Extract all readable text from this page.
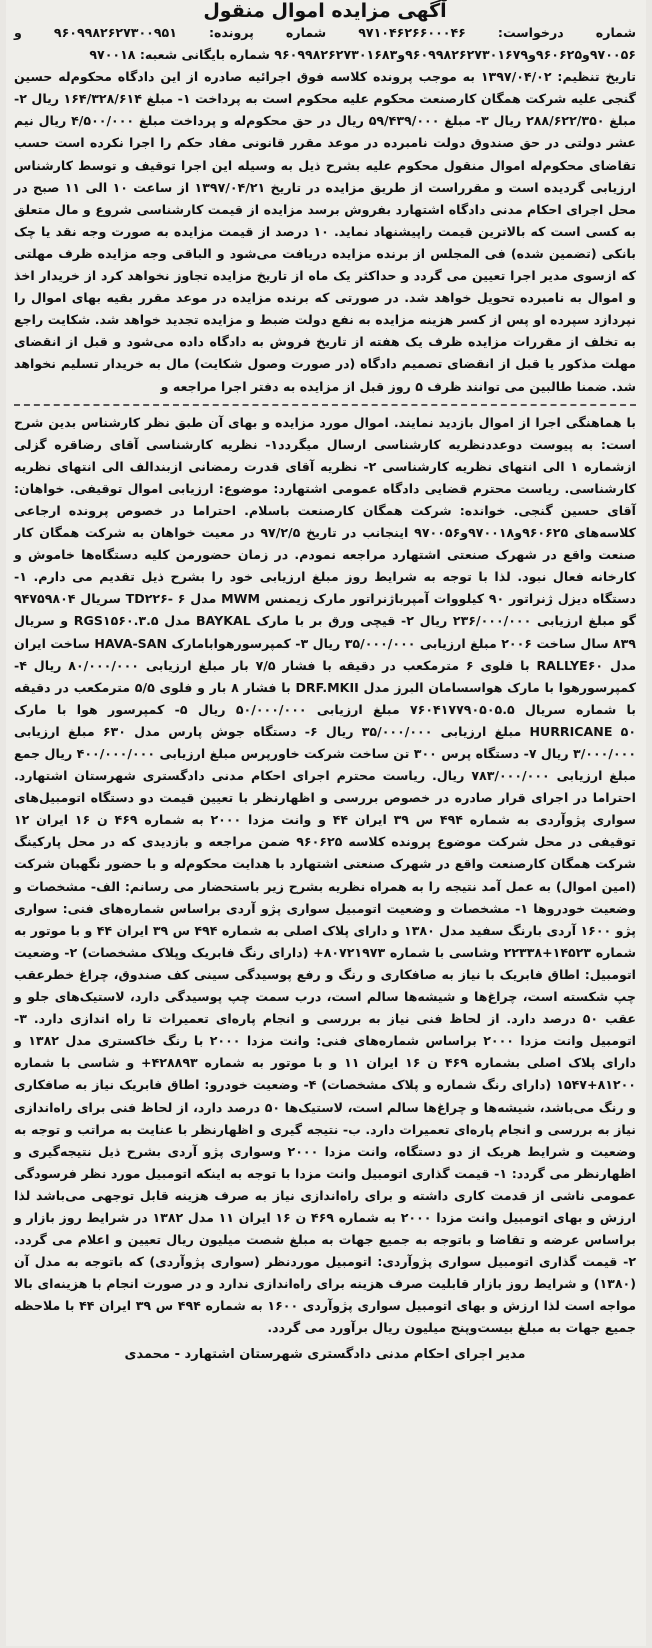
آگهی مزایده اموال منقول

شماره درخواست: ۹۷۱۰۴۶۲۶۶۰۰۰۴۶ شماره پرونده: ۹۶۰۹۹۸۲۶۲۷۳۰۰۹۵۱ و ۹۷۰۰۵۶و۹۶۰۶۲۵و۹۶۰۹۹۸۲۶۲۷۳۰۱۶۷۹و۹۶۰۹۹۸۲۶۲۷۳۰۱۶۸۳ شماره بایگانی شعبه: ۹۷۰۰۱۸

تاریخ تنظیم: ۱۳۹۷/۰۴/۰۲ به موجب پرونده کلاسه فوق اجرائیه صادره از این دادگاه محکوم‌له حسین گنجی علیه شرکت همگان کارصنعت محکوم علیه محکوم است به پرداخت ۱- مبلغ ۱۶۴/۳۲۸/۶۱۴ ریال ۲- مبلغ ۲۸۸/۶۲۲/۳۵۰ ریال ۳- مبلغ ۵۹/۴۳۹/۰۰۰ ریال در حق محکوم‌له و پرداخت مبلغ ۴/۵۰۰/۰۰۰ ریال نیم عشر دولتی در حق صندوق دولت نامبرده در موعد مقرر قانونی مفاد حکم را اجرا نکرده است حسب تقاضای محکوم‌له اموال منقول محکوم علیه بشرح ذیل به وسیله این اجرا توقیف و توسط کارشناس ارزیابی گردیده است و مقرراست از طریق مزایده در تاریخ ۱۳۹۷/۰۴/۲۱ از ساعت ۱۰ الی ۱۱ صبح در محل اجرای احکام مدنی دادگاه اشتهارد بفروش برسد مزایده از قیمت کارشناسی شروع و مال متعلق به کسی است که بالاترین قیمت راپیشنهاد نماید. ۱۰ درصد از قیمت مزایده به صورت وجه نقد یا چک بانکی (تضمین شده) فی المجلس از برنده مزایده دریافت می‌شود و الباقی وجه مزایده ظرف مهلتی که ازسوی مدیر اجرا تعیین می گردد و حداکثر یک ماه از تاریخ مزایده تجاوز نخواهد کرد از خریدار اخذ و اموال به نامبرده تحویل خواهد شد. در صورتی که برنده مزایده در موعد مقرر بقیه بهای اموال را نپردازد سپرده او پس از کسر هزینه مزایده به نفع دولت ضبط و مزایده تجدید خواهد شد. شکایت راجع به تخلف از مقررات مزایده ظرف یک هفته از تاریخ فروش به دادگاه داده می‌شود و قبل از انقضای مهلت مذکور یا قبل از انقضای تصمیم دادگاه (در صورت وصول شکایت) مال به خریدار تسلیم نخواهد شد. ضمنا طالبین می توانند ظرف ۵ روز قبل از مزایده به دفتر اجرا مراجعه و

با هماهنگی اجرا از اموال بازدید نمایند. اموال مورد مزایده و بهای آن طبق نظر کارشناس بدین شرح است: به پیوست دوعددنظریه کارشناسی ارسال میگردد۱- نظریه کارشناسی آقای رضاقره گزلی ازشماره ۱ الی انتهای نظریه کارشناسی ۲- نظریه آقای قدرت رمضانی ازبندالف الی انتهای نظریه کارشناسی. ریاست محترم قضایی دادگاه عمومی اشتهارد: موضوع: ارزیابی اموال توقیفی. خواهان: آقای حسین گنجی. خوانده: شرکت همگان کارصنعت باسلام. احتراما در خصوص پرونده ارجاعی کلاسه‌های ۹۶۰۶۲۵و۹۷۰۰۱۸و۹۷۰۰۵۶ اینجانب در تاریخ ۹۷/۲/۵ در معیت خواهان به شرکت همگان کار صنعت واقع در شهرک صنعتی اشتهارد مراجعه نمودم. در زمان حضورمن کلیه دستگاه‌ها خاموش و کارخانه فعال نبود. لذا با توجه به شرایط روز مبلغ ارزیابی خود را بشرح ذیل تقدیم می دارم. ۱- دستگاه دیزل ژنراتور ۹۰ کیلووات آمپرباژنراتور مارک زیمنس MWM مدل TD۲۲۶- ۶ سریال ۹۴۷۵۹۸۰۴ گو مبلغ ارزیابی ۲۳۶/۰۰۰/۰۰۰ ریال ۲- قیچی ورق بر با مارک BAYKAL مدل RGS۱۵۶۰.۳.۵ و سریال ۸۳۹ سال ساخت ۲۰۰۶ مبلغ ارزیابی ۳۵/۰۰۰/۰۰۰ ریال ۳- کمپرسورهوابامارک HAVA-SAN ساخت ایران مدل RALLYE۶۰ با فلوی ۶ مترمکعب در دقیقه با فشار ۷/۵ بار مبلغ ارزیابی ۸۰/۰۰۰/۰۰۰ ریال ۴- کمپرسورهوا با مارک هواسسامان البرز مدل DRF.MKII با فشار ۸ بار و فلوی ۵/۵ مترمکعب در دقیقه با شماره سریال ۷۶۰۴۱۷۷۹۰۵۰۵.۵ مبلغ ارزیابی ۵۰/۰۰۰/۰۰۰ ریال ۵- کمپرسور هوا با مارک HURRICANE ۵۰ مبلغ ارزیابی ۳۵/۰۰۰/۰۰۰ ریال ۶- دستگاه جوش پارس مدل ۶۳۰ مبلغ ارزیابی ۳/۰۰۰/۰۰۰ ریال ۷- دستگاه پرس ۳۰۰ تن ساخت شرکت خاورپرس مبلغ ارزیابی ۴۰۰/۰۰۰/۰۰۰ ریال جمع مبلغ ارزیابی ۷۸۳/۰۰۰/۰۰۰ ریال. ریاست محترم اجرای احکام مدنی دادگستری شهرستان اشتهارد. احتراما در اجرای قرار صادره در خصوص بررسی و اظهارنظر با تعیین قیمت دو دستگاه اتومبیل‌های سواری پژوآردی به شماره ۴۹۴ س ۳۹ ایران ۴۴ و وانت مزدا ۲۰۰۰ به شماره ۴۶۹ ن ۱۶ ایران ۱۲ توقیفی در محل شرکت موضوع پرونده کلاسه ۹۶۰۶۲۵ ضمن مراجعه و بازدیدی که در محل پارکینگ شرکت همگان کارصنعت واقع در شهرک صنعتی اشتهارد با هدایت محکوم‌له و با حضور نگهبان شرکت (امین اموال) به عمل آمد نتیجه را به همراه نظریه بشرح زیر باستحضار می رسانم: الف- مشخصات و وضعیت خودروها ۱- مشخصات و وضعیت اتومبیل سواری پژو آردی براساس شماره‌های فنی: سواری پژو ۱۶۰۰ آردی بارنگ سفید مدل ۱۳۸۰ و دارای پلاک اصلی به شماره ۴۹۴ س ۳۹ ایران ۴۴ و با موتور به شماره ۱۴۵۲۳+۲۲۳۳۸ وشاسی با شماره ۸۰۷۲۱۹۷۳+ (دارای رنگ فابریک وپلاک مشخصات) ۲- وضعیت اتومبیل: اطاق فابریک با نیاز به صافکاری و رنگ و رفع پوسیدگی سینی کف صندوق، چراغ خطرعقب چپ شکسته است، چراغ‌ها و شیشه‌ها سالم است، درب سمت چپ پوسیدگی دارد، لاستیک‌های جلو و عقب ۵۰ درصد دارد. از لحاظ فنی نیاز به بررسی و انجام پاره‌ای تعمیرات تا راه اندازی دارد. ۳- اتومبیل وانت مزدا ۲۰۰۰ براساس شماره‌های فنی: وانت مزدا ۲۰۰۰ با رنگ خاکستری مدل ۱۳۸۲ و دارای پلاک اصلی بشماره ۴۶۹ ن ۱۶ ایران ۱۱ و با موتور به شماره ۴۲۸۸۹۳+ و شاسی با شماره ۸۱۲۰۰+۱۵۴۷ (دارای رنگ شماره و پلاک مشخصات) ۴- وضعیت خودرو: اطاق فابریک نیاز به صافکاری و رنگ می‌باشد، شیشه‌ها و چراغ‌ها سالم است، لاستیک‌ها ۵۰ درصد دارد، از لحاظ فنی برای راه‌اندازی نیاز به بررسی و انجام پاره‌ای تعمیرات دارد. ب- نتیجه گیری و اظهارنظر با عنایت به مراتب و توجه به وضعیت و شرایط هریک از دو دستگاه، وانت مزدا ۲۰۰۰ وسواری پژو آردی بشرح ذیل نتیجه‌گیری و اظهارنظر می گردد: ۱- قیمت گذاری اتومبیل وانت مزدا با توجه به اینکه اتومبیل مورد نظر فرسودگی عمومی ناشی از قدمت کاری داشته و برای راه‌اندازی نیاز به صرف هزینه قابل توجهی می‌باشد لذا ارزش و بهای اتومبیل وانت مزدا ۲۰۰۰ به شماره ۴۶۹ ن ۱۶ ایران ۱۱ مدل ۱۳۸۲ در شرایط روز بازار و براساس عرضه و تقاضا و باتوجه به جمیع جهات به مبلغ شصت میلیون ریال تعیین و اعلام می گردد. ۲- قیمت گذاری اتومبیل سواری پژوآردی: اتومبیل موردنظر (سواری پژوآردی) که باتوجه به مدل آن (۱۳۸۰) و شرایط روز بازار قابلیت صرف هزینه برای راه‌اندازی ندارد و در صورت انجام با هزینه‌ای بالا مواجه است لذا ارزش و بهای اتومبیل سواری پژوآردی ۱۶۰۰ به شماره ۴۹۴ س ۳۹ ایران ۴۴ با ملاحظه جمیع جهات به مبلغ بیست‌وپنج میلیون ریال برآورد می گردد.

مدیر اجرای احکام مدنی دادگستری شهرستان اشتهارد - محمدی
